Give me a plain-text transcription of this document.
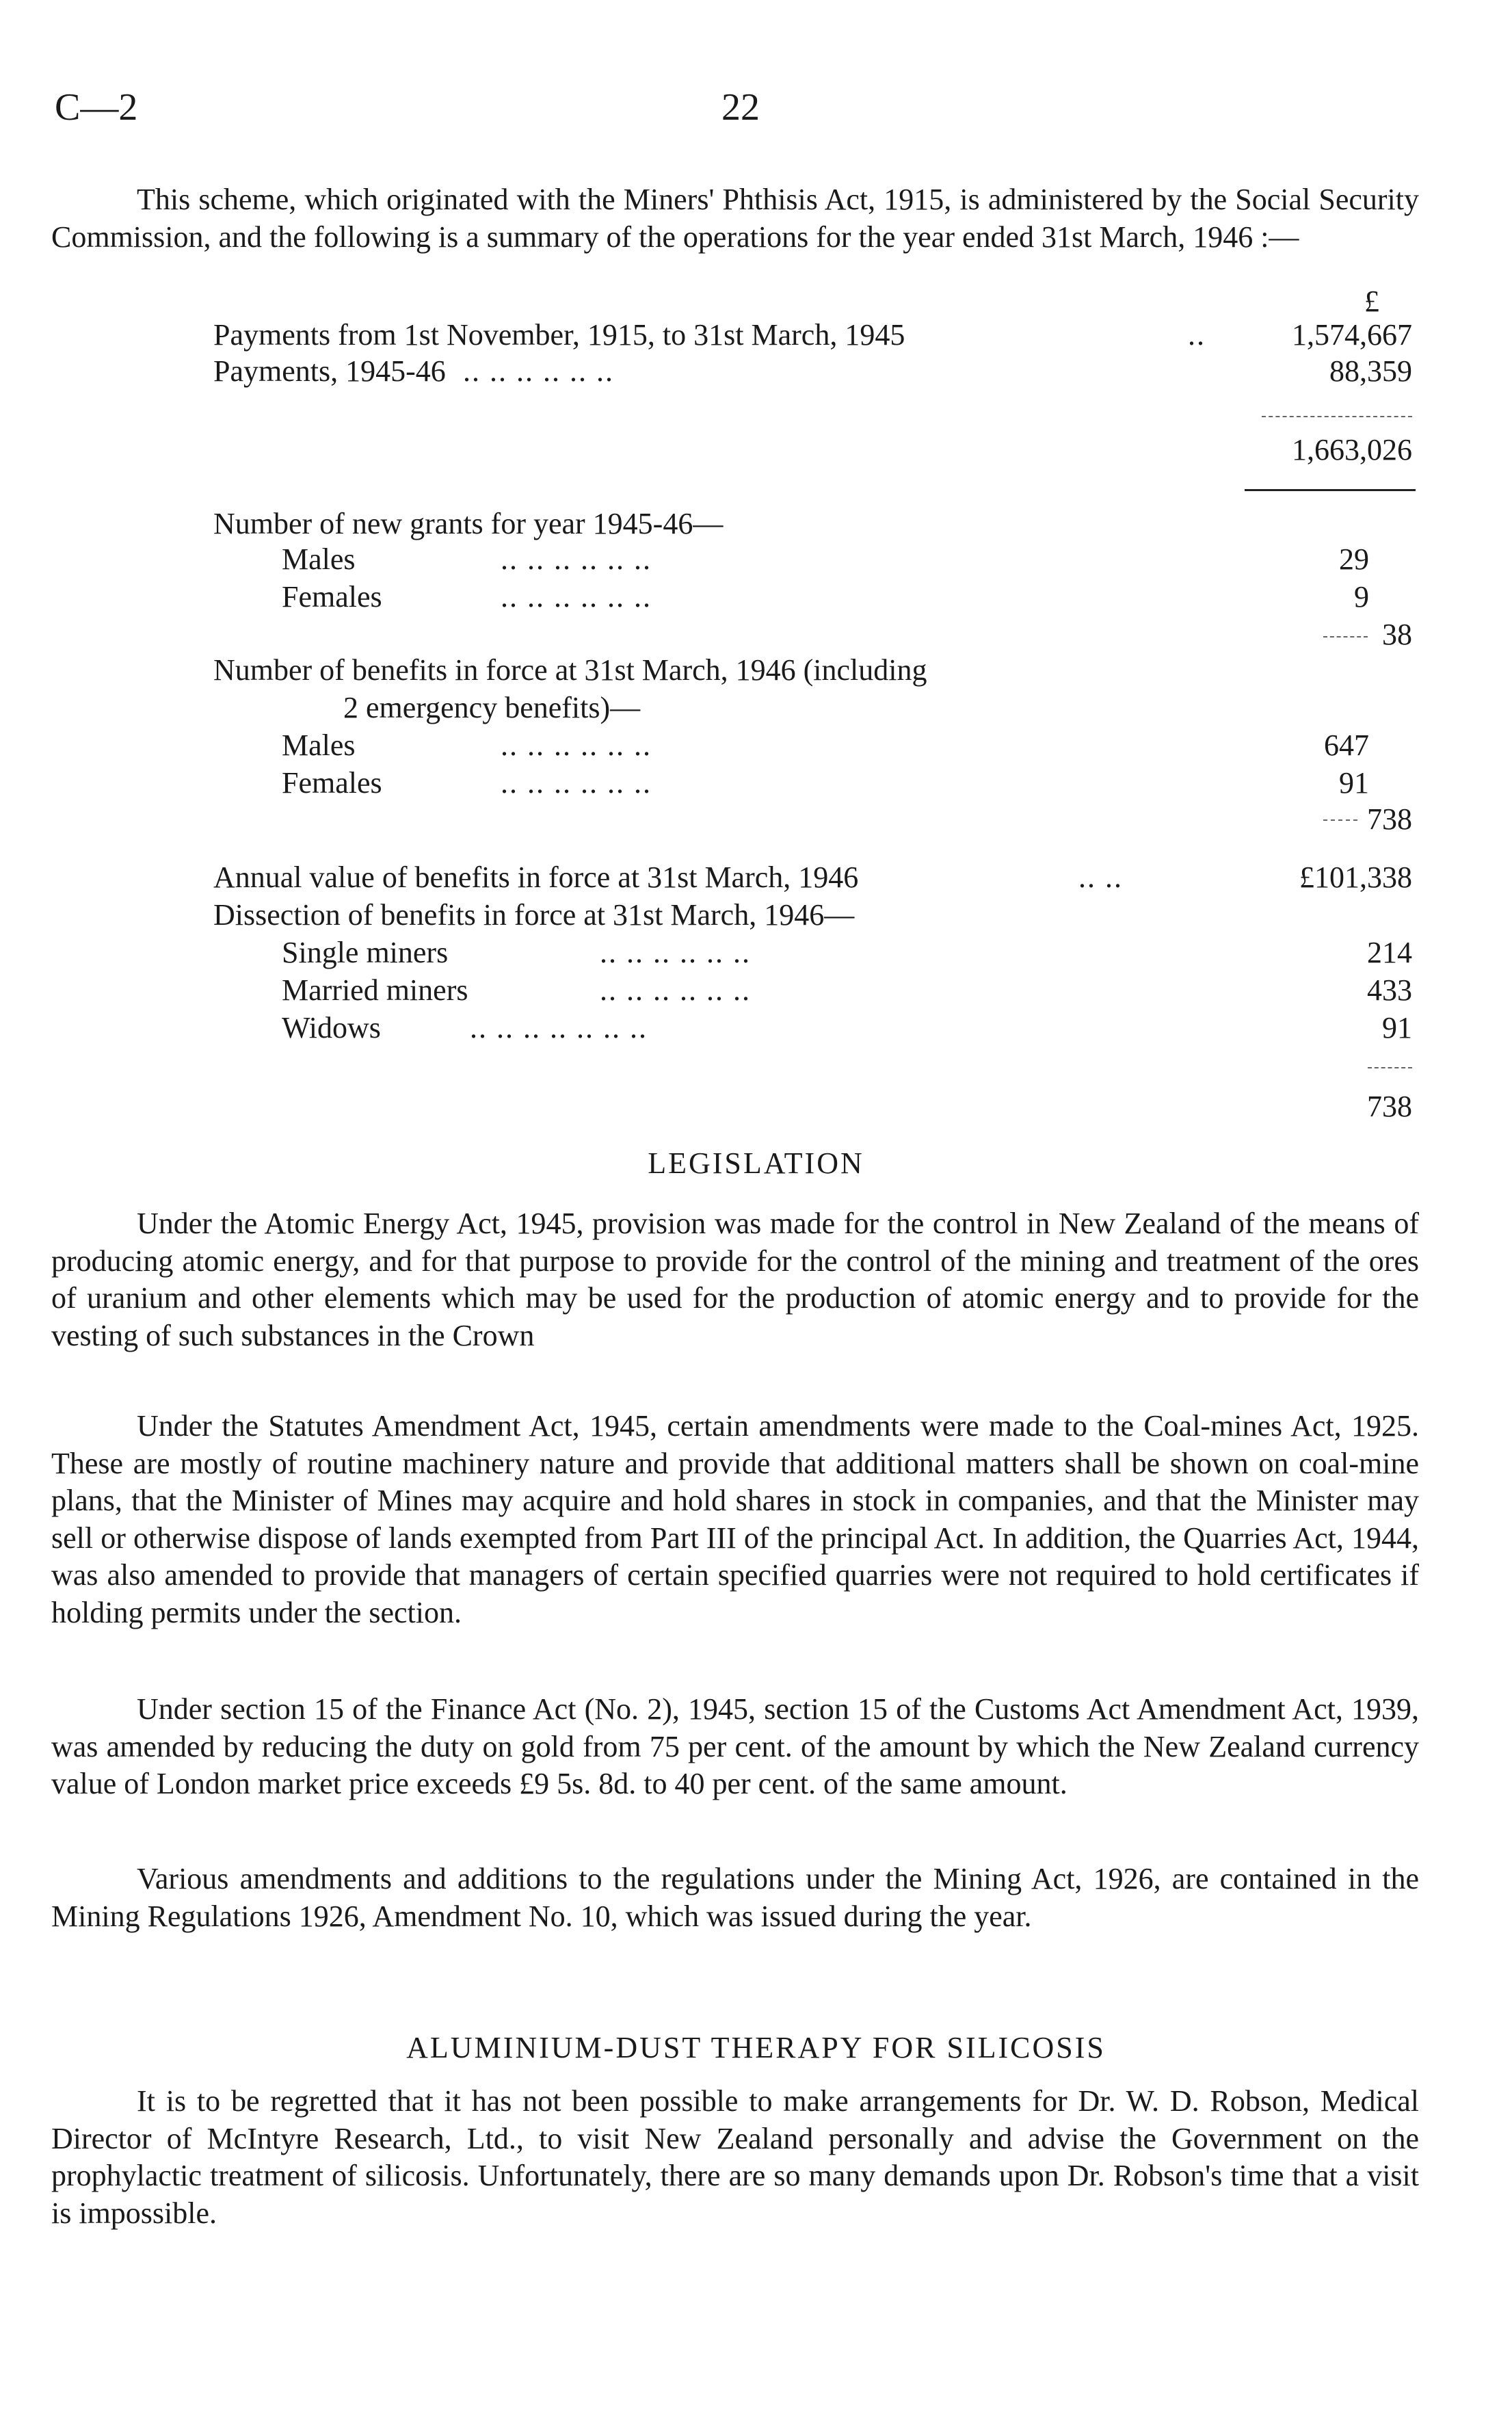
C—2	22
This scheme, which originated with the Miners' Phthisis Act, 1915, is administered by the Social Security Commission, and the following is a summary of the operations for the year ended 31st March, 1946 :—
£
Payments from 1st November, 1915, to 31st March, 1945	..	1,574,667
Payments, 1945-46 .. .. .. .. .. ..	88,359
1,663,026
Number of new grants for year 1945-46—
Males	.. .. .. .. .. ..	29
Females	.. .. .. .. .. ..	9
38
Number of benefits in force at 31st March, 1946 (including
2 emergency benefits)—
Males	.. .. .. .. .. ..	647
Females	.. .. .. .. .. ..	91
738
Annual value of benefits in force at 31st March, 1946	.. ..	£101,338
Dissection of benefits in force at 31st March, 1946—
Single miners	.. .. .. .. .. ..	214
Married miners	.. .. .. .. .. ..	433
Widows	.. .. .. .. .. .. ..	91
738
LEGISLATION
Under the Atomic Energy Act, 1945, provision was made for the control in New Zealand of the means of producing atomic energy, and for that purpose to provide for the control of the mining and treatment of the ores of uranium and other elements which may be used for the production of atomic energy and to provide for the vesting of such substances in the Crown
Under the Statutes Amendment Act, 1945, certain amendments were made to the Coal-mines Act, 1925. These are mostly of routine machinery nature and provide that additional matters shall be shown on coal-mine plans, that the Minister of Mines may acquire and hold shares in stock in companies, and that the Minister may sell or otherwise dispose of lands exempted from Part III of the principal Act. In addition, the Quarries Act, 1944, was also amended to provide that managers of certain specified quarries were not required to hold certificates if holding permits under the section.
Under section 15 of the Finance Act (No. 2), 1945, section 15 of the Customs Act Amendment Act, 1939, was amended by reducing the duty on gold from 75 per cent. of the amount by which the New Zealand currency value of London market price exceeds £9 5s. 8d. to 40 per cent. of the same amount.
Various amendments and additions to the regulations under the Mining Act, 1926, are contained in the Mining Regulations 1926, Amendment No. 10, which was issued during the year.
ALUMINIUM-DUST THERAPY FOR SILICOSIS
It is to be regretted that it has not been possible to make arrangements for Dr. W. D. Robson, Medical Director of McIntyre Research, Ltd., to visit New Zealand personally and advise the Government on the prophylactic treatment of silicosis. Unfortunately, there are so many demands upon Dr. Robson's time that a visit is impossible.
